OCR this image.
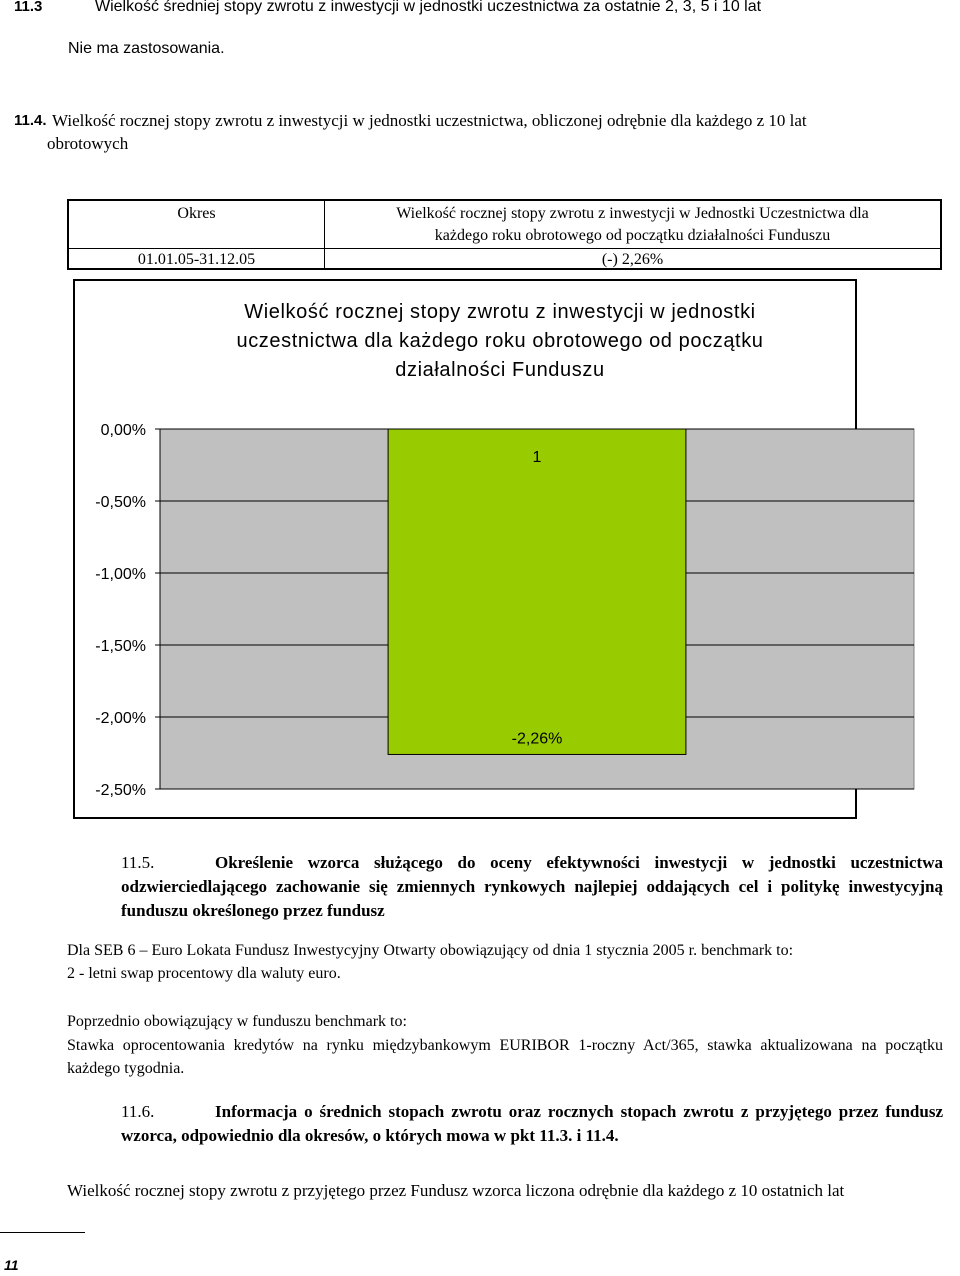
11.3	Wielkość średniej stopy zwrotu z inwestycji w jednostki uczestnictwa za ostatnie 2, 3, 5 i 10 lat
Nie ma zastosowania.
11.4. Wielkość rocznej stopy zwrotu z inwestycji w jednostki uczestnictwa, obliczonej odrębnie dla każdego z 10 lat
obrotowych
Okres	Wielkość rocznej stopy zwrotu z inwestycji w Jednostki Uczestnictwa dla
każdego roku obrotowego od początku działalności Funduszu
01.01.05-31.12.05	(-) 2,26%
Wielkość rocznej stopy zwrotu z inwestycji w jednostki
uczestnictwa dla każdego roku obrotowego od początku
działalności Funduszu
0,00%
-0,50%
-1,00%
-1,50%
-2,00%
-2,50%
1
-2,26%
11.5.	Określenie wzorca służącego do oceny efektywności inwestycji w jednostki uczestnictwa odzwierciedlającego zachowanie się zmiennych rynkowych najlepiej oddających cel i politykę inwestycyjną funduszu określonego przez fundusz
Dla SEB 6 – Euro Lokata Fundusz Inwestycyjny Otwarty obowiązujący od dnia 1 stycznia 2005 r. benchmark to:
2 - letni swap procentowy dla waluty euro.
Poprzednio obowiązujący w funduszu benchmark to:
Stawka oprocentowania kredytów na rynku międzybankowym EURIBOR 1-roczny Act/365, stawka aktualizowana na początku każdego tygodnia.
11.6.	Informacja o średnich stopach zwrotu oraz rocznych stopach zwrotu z przyjętego przez fundusz wzorca, odpowiednio dla okresów, o których mowa w pkt 11.3. i 11.4.
Wielkość rocznej stopy zwrotu z przyjętego przez Fundusz wzorca liczona odrębnie dla każdego z 10 ostatnich lat
11
